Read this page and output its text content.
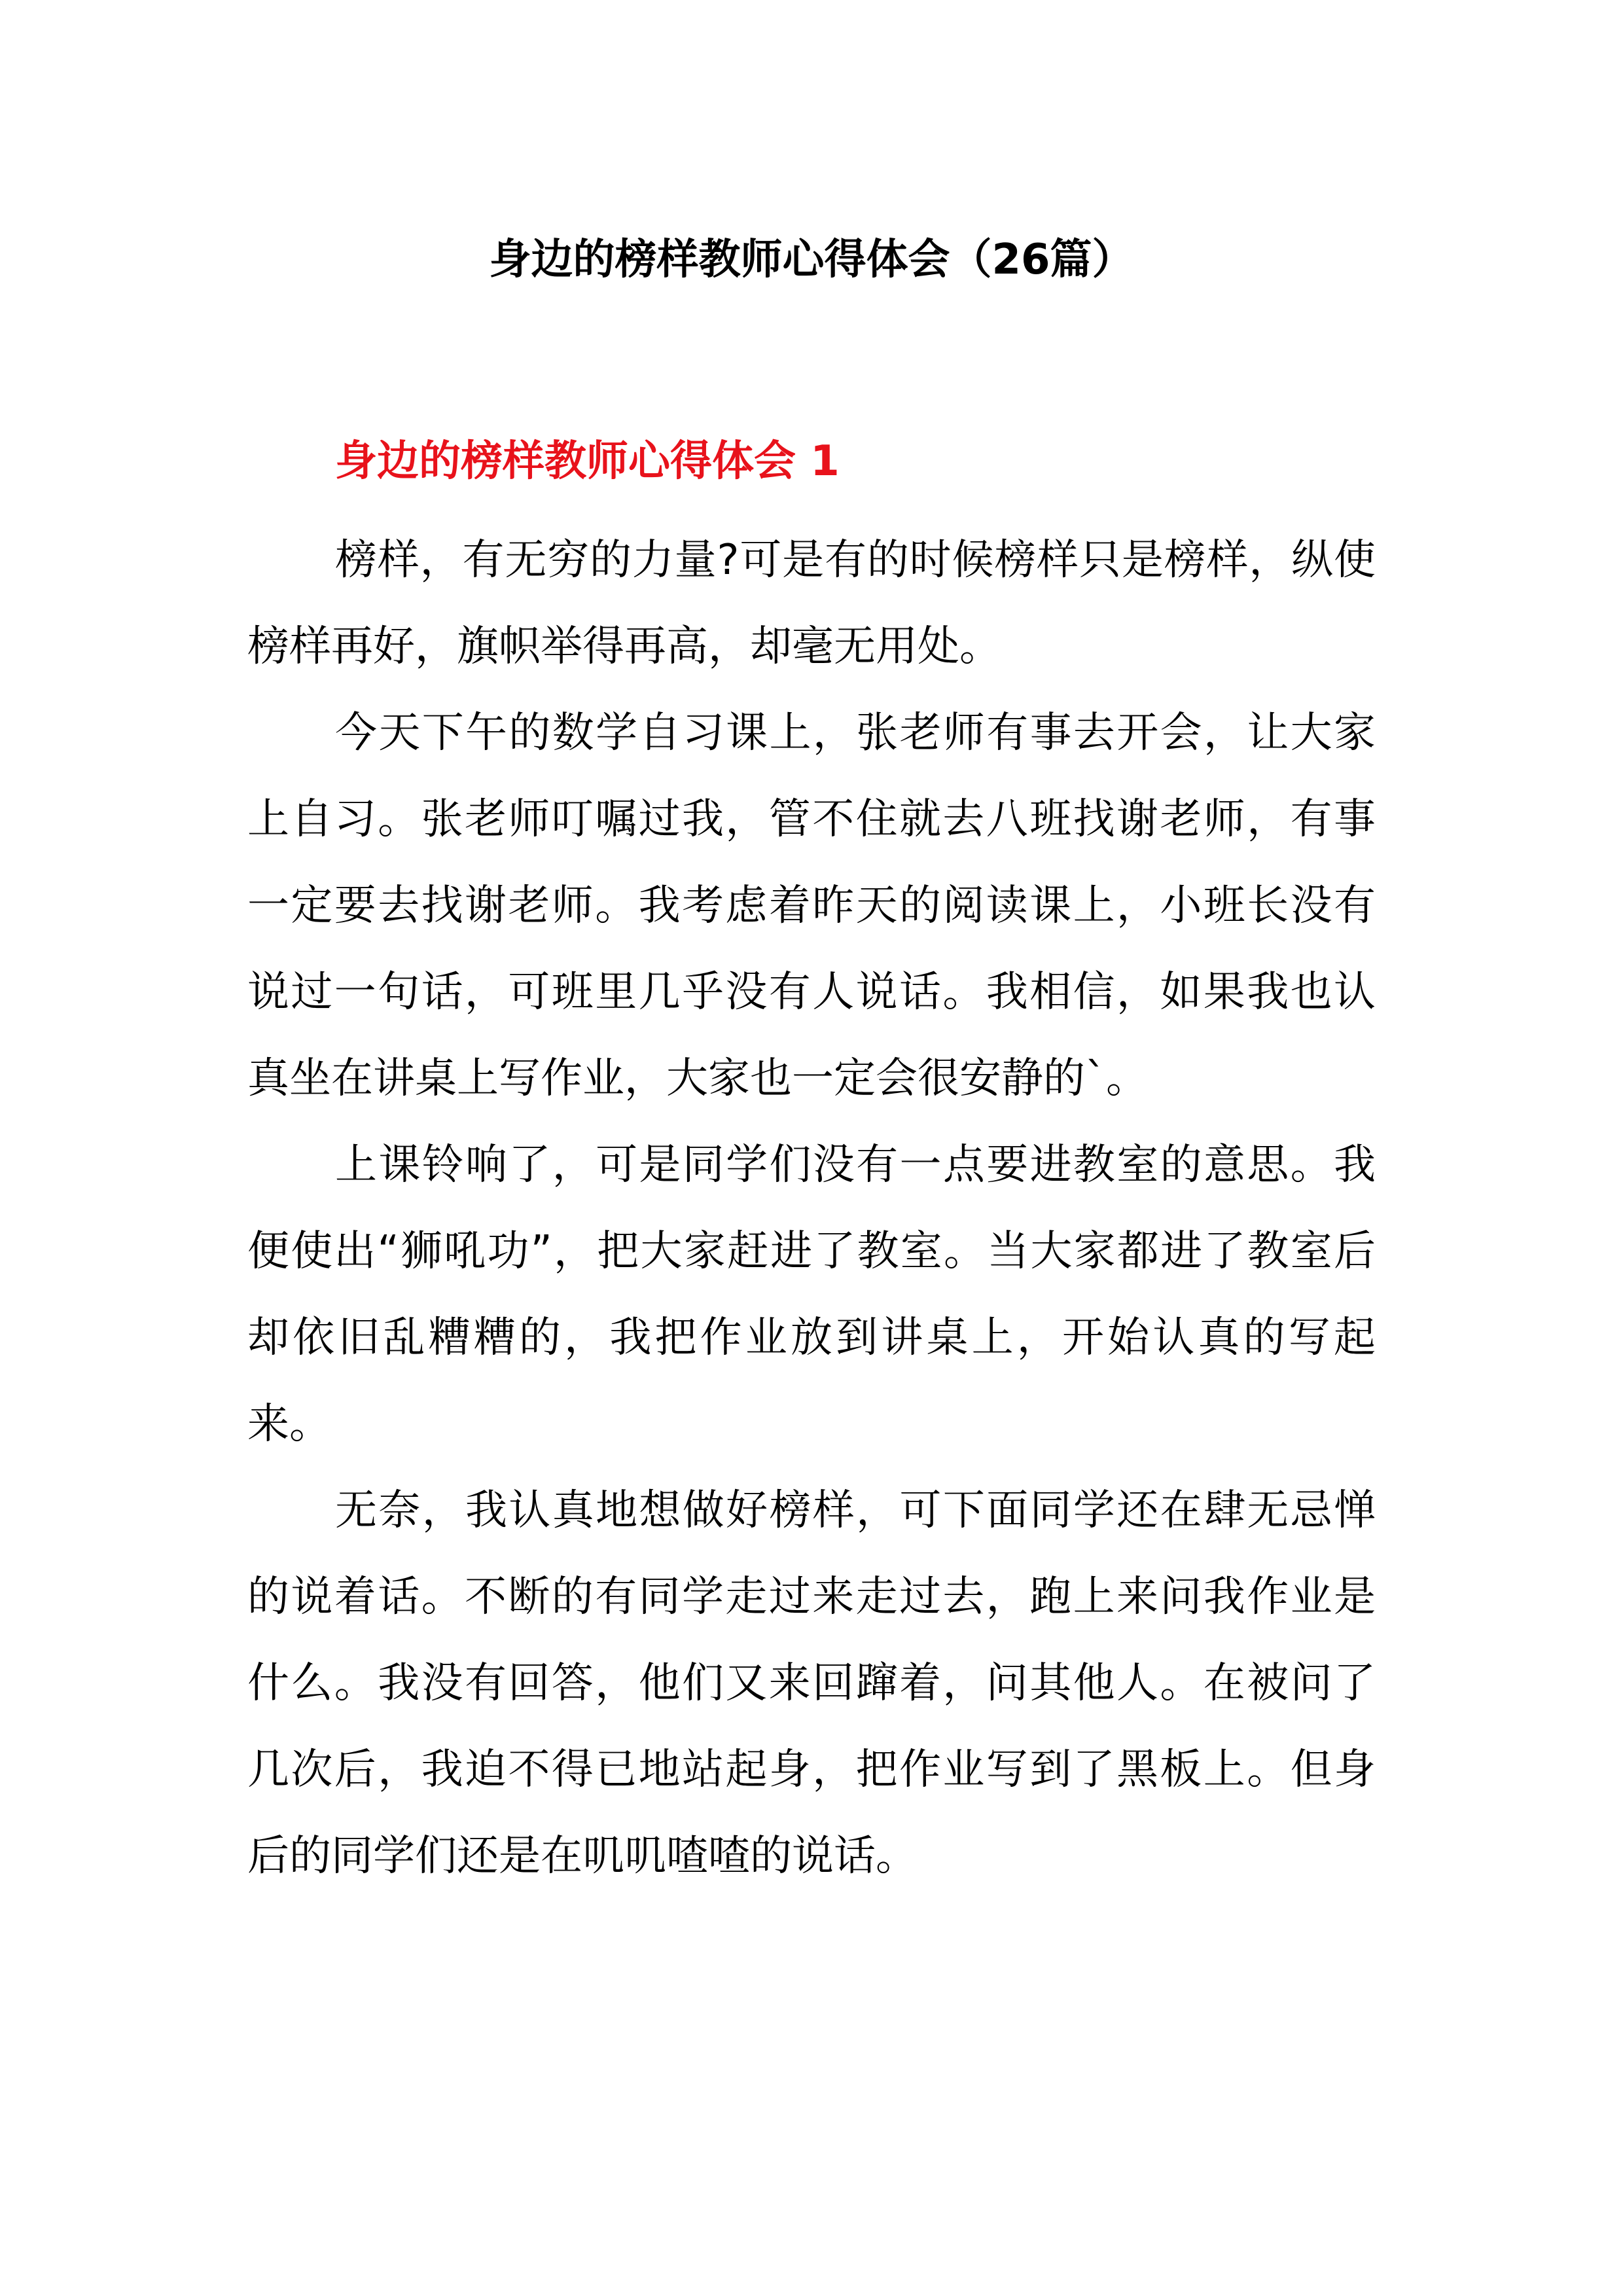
身边的榜样教师心得体会（26篇）
身边的榜样教师心得体会 1

榜样，有无穷的力量?可是有的时候榜样只是榜样，纵使榜样再好，旗帜举得再高，却毫无用处。

今天下午的数学自习课上，张老师有事去开会，让大家上自习。张老师叮嘱过我，管不住就去八班找谢老师，有事一定要去找谢老师。我考虑着昨天的阅读课上，小班长没有说过一句话，可班里几乎没有人说话。我相信，如果我也认真坐在讲桌上写作业，大家也一定会很安静的`。

上课铃响了，可是同学们没有一点要进教室的意思。我便使出“狮吼功”，把大家赶进了教室。当大家都进了教室后却依旧乱糟糟的，我把作业放到讲桌上，开始认真的写起来。

无奈，我认真地想做好榜样，可下面同学还在肆无忌惮的说着话。不断的有同学走过来走过去，跑上来问我作业是什么。我没有回答，他们又来回蹿着，问其他人。在被问了几次后，我迫不得已地站起身，把作业写到了黑板上。但身后的同学们还是在叽叽喳喳的说话。
